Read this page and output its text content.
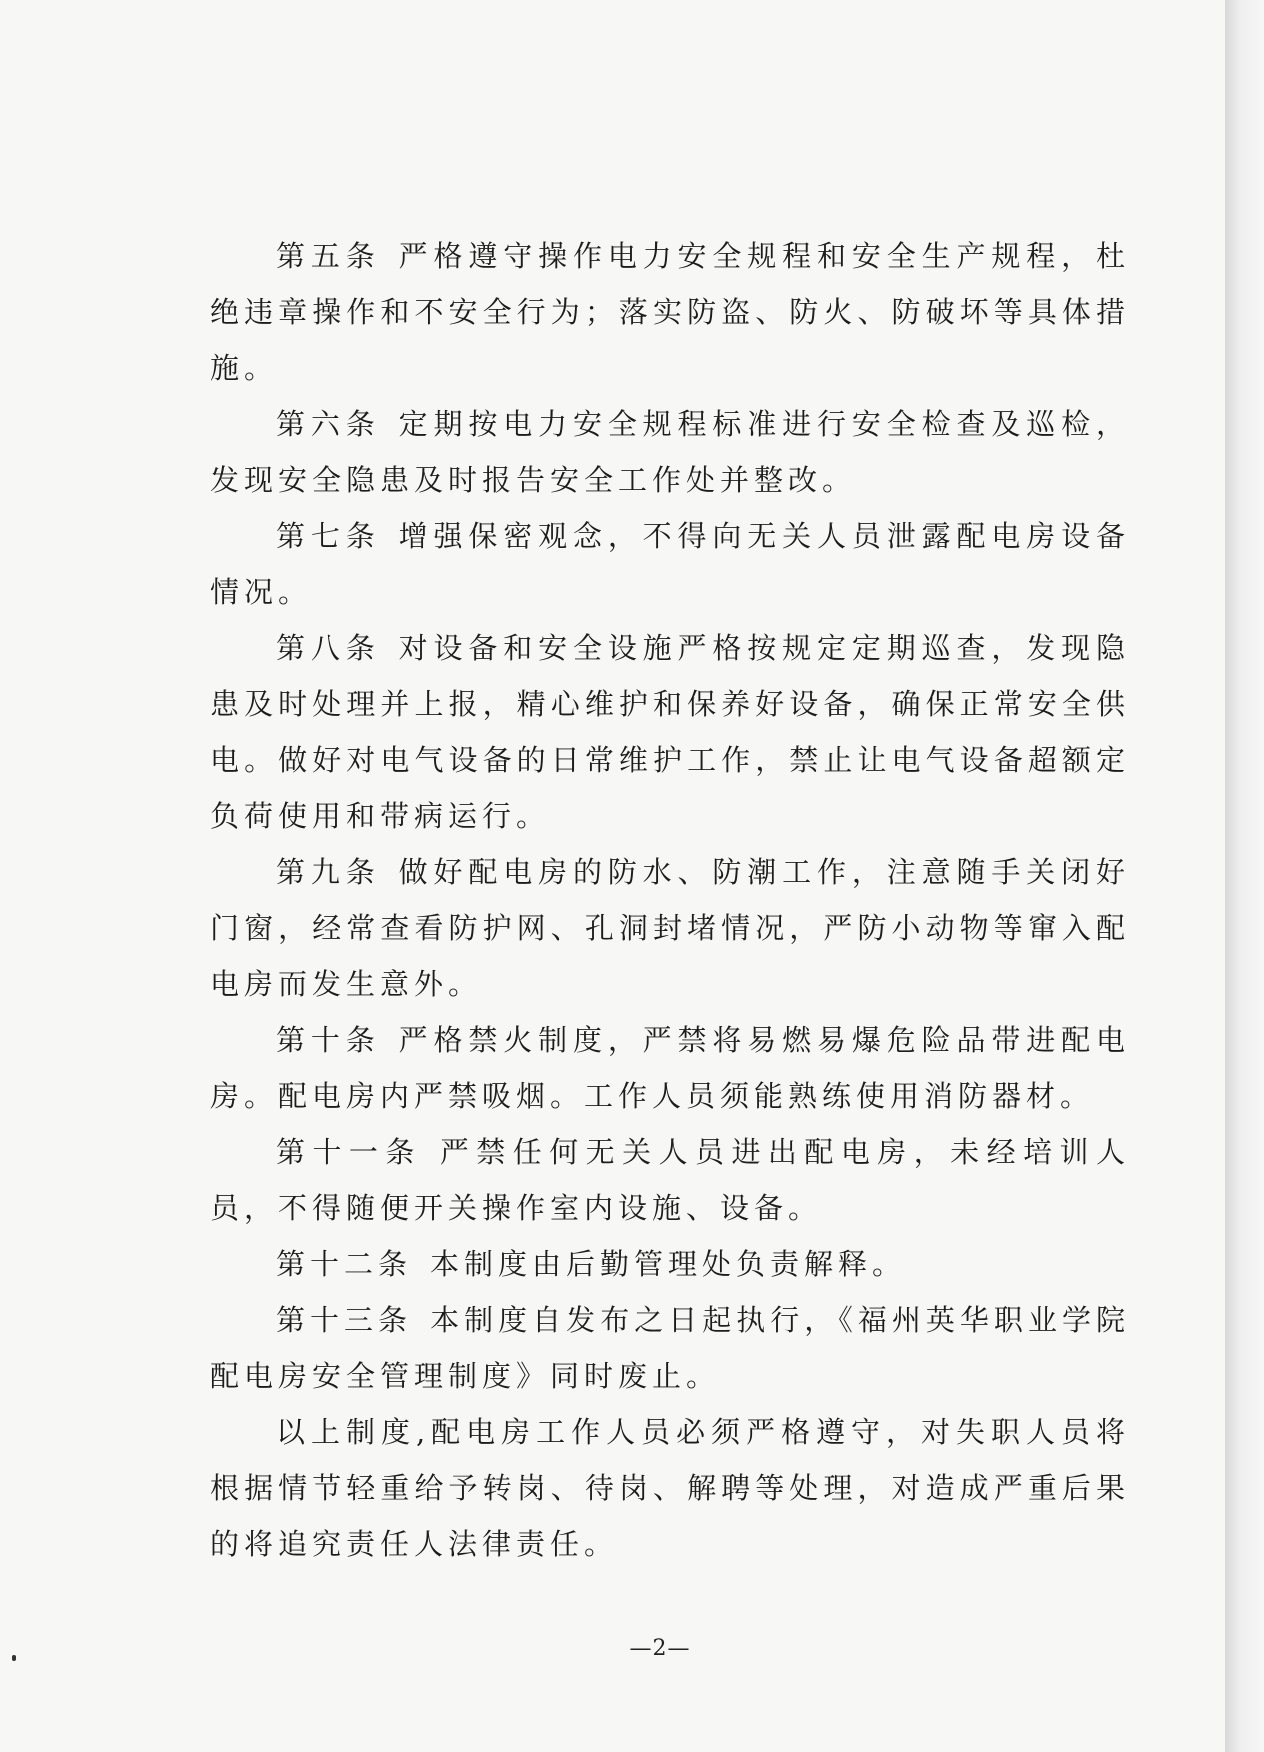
第五条 严格遵守操作电力安全规程和安全生产规程，杜绝违章操作和不安全行为；落实防盗、防火、防破坏等具体措施。

第六条 定期按电力安全规程标准进行安全检查及巡检，发现安全隐患及时报告安全工作处并整改。

第七条 增强保密观念，不得向无关人员泄露配电房设备情况。

第八条 对设备和安全设施严格按规定定期巡查，发现隐患及时处理并上报，精心维护和保养好设备，确保正常安全供电。做好对电气设备的日常维护工作，禁止让电气设备超额定负荷使用和带病运行。

第九条 做好配电房的防水、防潮工作，注意随手关闭好门窗，经常查看防护网、孔洞封堵情况，严防小动物等窜入配电房而发生意外。

第十条 严格禁火制度，严禁将易燃易爆危险品带进配电房。配电房内严禁吸烟。工作人员须能熟练使用消防器材。

第十一条 严禁任何无关人员进出配电房，未经培训人员，不得随便开关操作室内设施、设备。

第十二条 本制度由后勤管理处负责解释。

第十三条 本制度自发布之日起执行，《福州英华职业学院配电房安全管理制度》同时废止。

以上制度,配电房工作人员必须严格遵守，对失职人员将根据情节轻重给予转岗、待岗、解聘等处理，对造成严重后果的将追究责任人法律责任。

—2—
